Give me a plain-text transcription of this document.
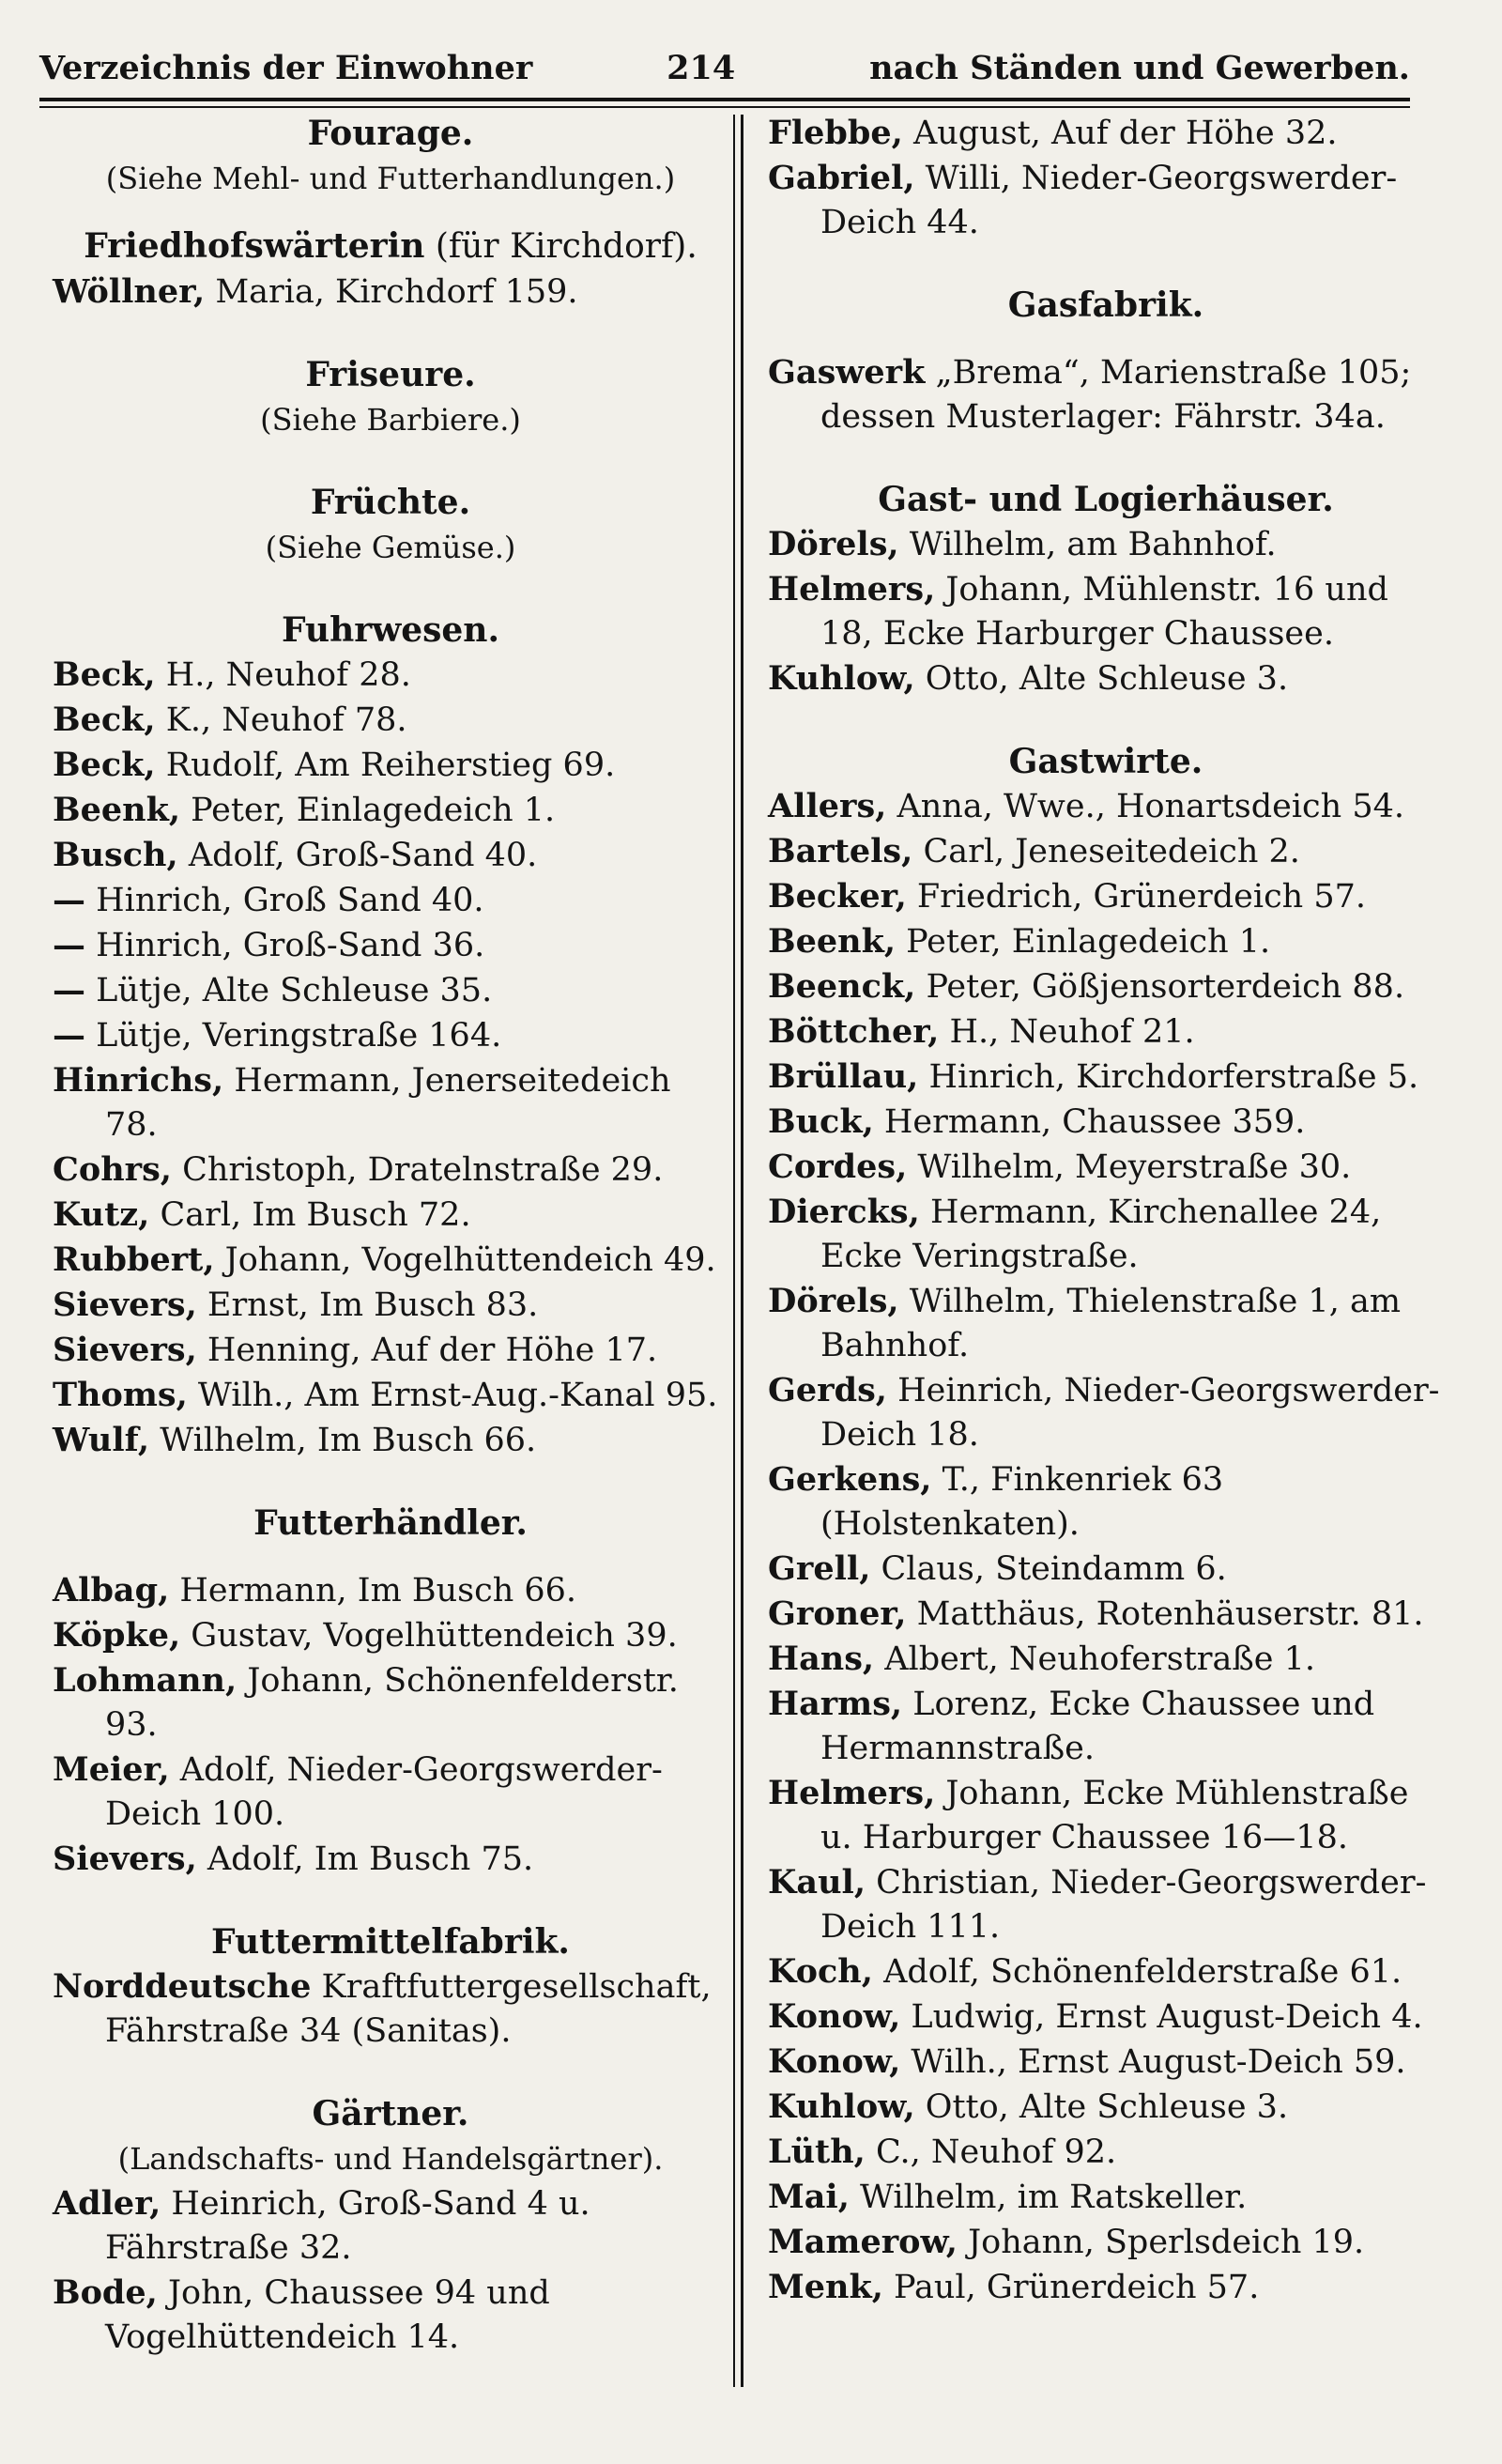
Verzeichnis der Einwohner	214	nach Ständen und Gewerben.
Fourage.
(Siehe Mehl- und Futterhandlungen.)
Friedhofswärterin (für Kirchdorf).
Wöllner, Maria, Kirchdorf 159.
Friseure.
(Siehe Barbiere.)
Früchte.
(Siehe Gemüse.)
Fuhrwesen.
Beck, H., Neuhof 28.
Beck, K., Neuhof 78.
Beck, Rudolf, Am Reiherstieg 69.
Beenk, Peter, Einlagedeich 1.
Busch, Adolf, Groß-Sand 40.
— Hinrich, Groß Sand 40.
— Hinrich, Groß-Sand 36.
— Lütje, Alte Schleuse 35.
— Lütje, Veringstraße 164.
Hinrichs, Hermann, Jenerseitedeich 78.
Cohrs, Christoph, Dratelnstraße 29.
Kutz, Carl, Im Busch 72.
Rubbert, Johann, Vogelhüttendeich 49.
Sievers, Ernst, Im Busch 83.
Sievers, Henning, Auf der Höhe 17.
Thoms, Wilh., Am Ernst-Aug.-Kanal 95.
Wulf, Wilhelm, Im Busch 66.
Futterhändler.
Albag, Hermann, Im Busch 66.
Köpke, Gustav, Vogelhüttendeich 39.
Lohmann, Johann, Schönenfelderstr. 93.
Meier, Adolf, Nieder-Georgswerder-Deich 100.
Sievers, Adolf, Im Busch 75.
Futtermittelfabrik.
Norddeutsche Kraftfuttergesellschaft, Fährstraße 34 (Sanitas).
Gärtner.
(Landschafts- und Handelsgärtner).
Adler, Heinrich, Groß-Sand 4 u. Fährstraße 32.
Bode, John, Chaussee 94 und Vogelhüttendeich 14.
Flebbe, August, Auf der Höhe 32.
Gabriel, Willi, Nieder-Georgswerder-Deich 44.
Gasfabrik.
Gaswerk „Brema“, Marienstraße 105; dessen Musterlager: Fährstr. 34a.
Gast- und Logierhäuser.
Dörels, Wilhelm, am Bahnhof.
Helmers, Johann, Mühlenstr. 16 und 18, Ecke Harburger Chaussee.
Kuhlow, Otto, Alte Schleuse 3.
Gastwirte.
Allers, Anna, Wwe., Honartsdeich 54.
Bartels, Carl, Jeneseitedeich 2.
Becker, Friedrich, Grünerdeich 57.
Beenk, Peter, Einlagedeich 1.
Beenck, Peter, Gößjensorterdeich 88.
Böttcher, H., Neuhof 21.
Brüllau, Hinrich, Kirchdorferstraße 5.
Buck, Hermann, Chaussee 359.
Cordes, Wilhelm, Meyerstraße 30.
Diercks, Hermann, Kirchenallee 24, Ecke Veringstraße.
Dörels, Wilhelm, Thielenstraße 1, am Bahnhof.
Gerds, Heinrich, Nieder-Georgswerder-Deich 18.
Gerkens, T., Finkenriek 63 (Holstenkaten).
Grell, Claus, Steindamm 6.
Groner, Matthäus, Rotenhäuserstr. 81.
Hans, Albert, Neuhoferstraße 1.
Harms, Lorenz, Ecke Chaussee und Hermannstraße.
Helmers, Johann, Ecke Mühlenstraße u. Harburger Chaussee 16—18.
Kaul, Christian, Nieder-Georgswerder-Deich 111.
Koch, Adolf, Schönenfelderstraße 61.
Konow, Ludwig, Ernst August-Deich 4.
Konow, Wilh., Ernst August-Deich 59.
Kuhlow, Otto, Alte Schleuse 3.
Lüth, C., Neuhof 92.
Mai, Wilhelm, im Ratskeller.
Mamerow, Johann, Sperlsdeich 19.
Menk, Paul, Grünerdeich 57.
